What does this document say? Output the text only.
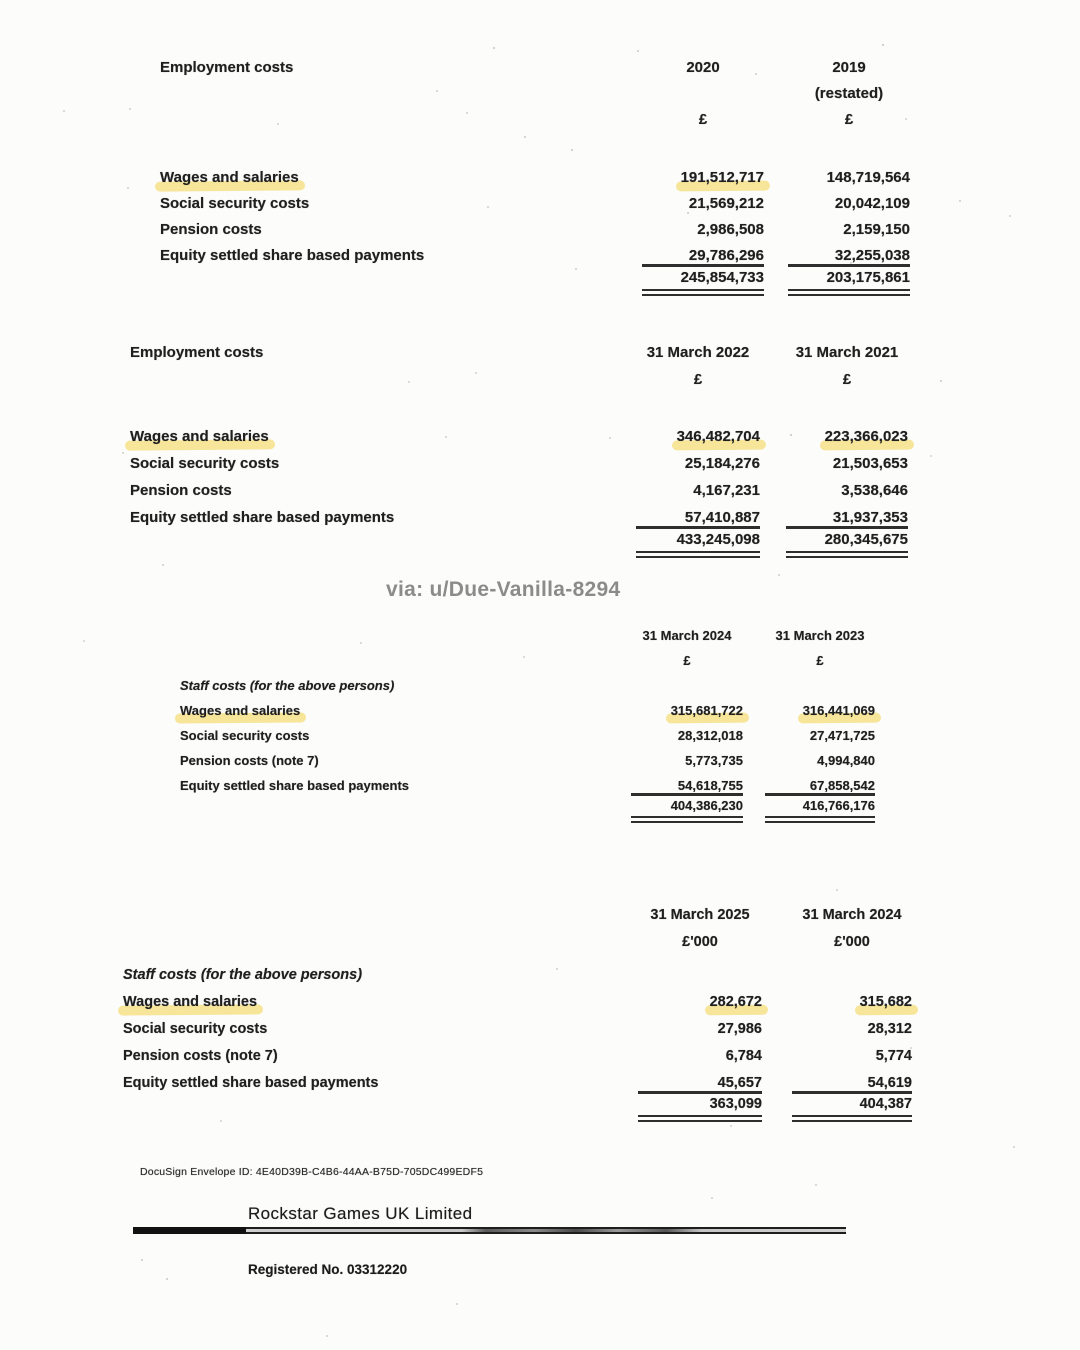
Employment costs	2020	2019
(restated)
£	£
Wages and salaries	191,512,717	148,719,564
Social security costs	21,569,212	20,042,109
Pension costs	2,986,508	2,159,150
Equity settled share based payments	29,786,296	32,255,038
245,854,733	203,175,861
Employment costs	31 March 2022	31 March 2021
£	£
Wages and salaries	346,482,704	223,366,023
Social security costs	25,184,276	21,503,653
Pension costs	4,167,231	3,538,646
Equity settled share based payments	57,410,887	31,937,353
433,245,098	280,345,675
via: u/Due-Vanilla-8294
31 March 2024	31 March 2023
£	£
Staff costs (for the above persons)
Wages and salaries	315,681,722	316,441,069
Social security costs	28,312,018	27,471,725
Pension costs (note 7)	5,773,735	4,994,840
Equity settled share based payments	54,618,755	67,858,542
404,386,230	416,766,176
31 March 2025	31 March 2024
£'000	£'000
Staff costs (for the above persons)
Wages and salaries	282,672	315,682
Social security costs	27,986	28,312
Pension costs (note 7)	6,784	5,774
Equity settled share based payments	45,657	54,619
363,099	404,387
DocuSign Envelope ID: 4E40D39B-C4B6-44AA-B75D-705DC499EDF5
Rockstar Games UK Limited
Registered No. 03312220
